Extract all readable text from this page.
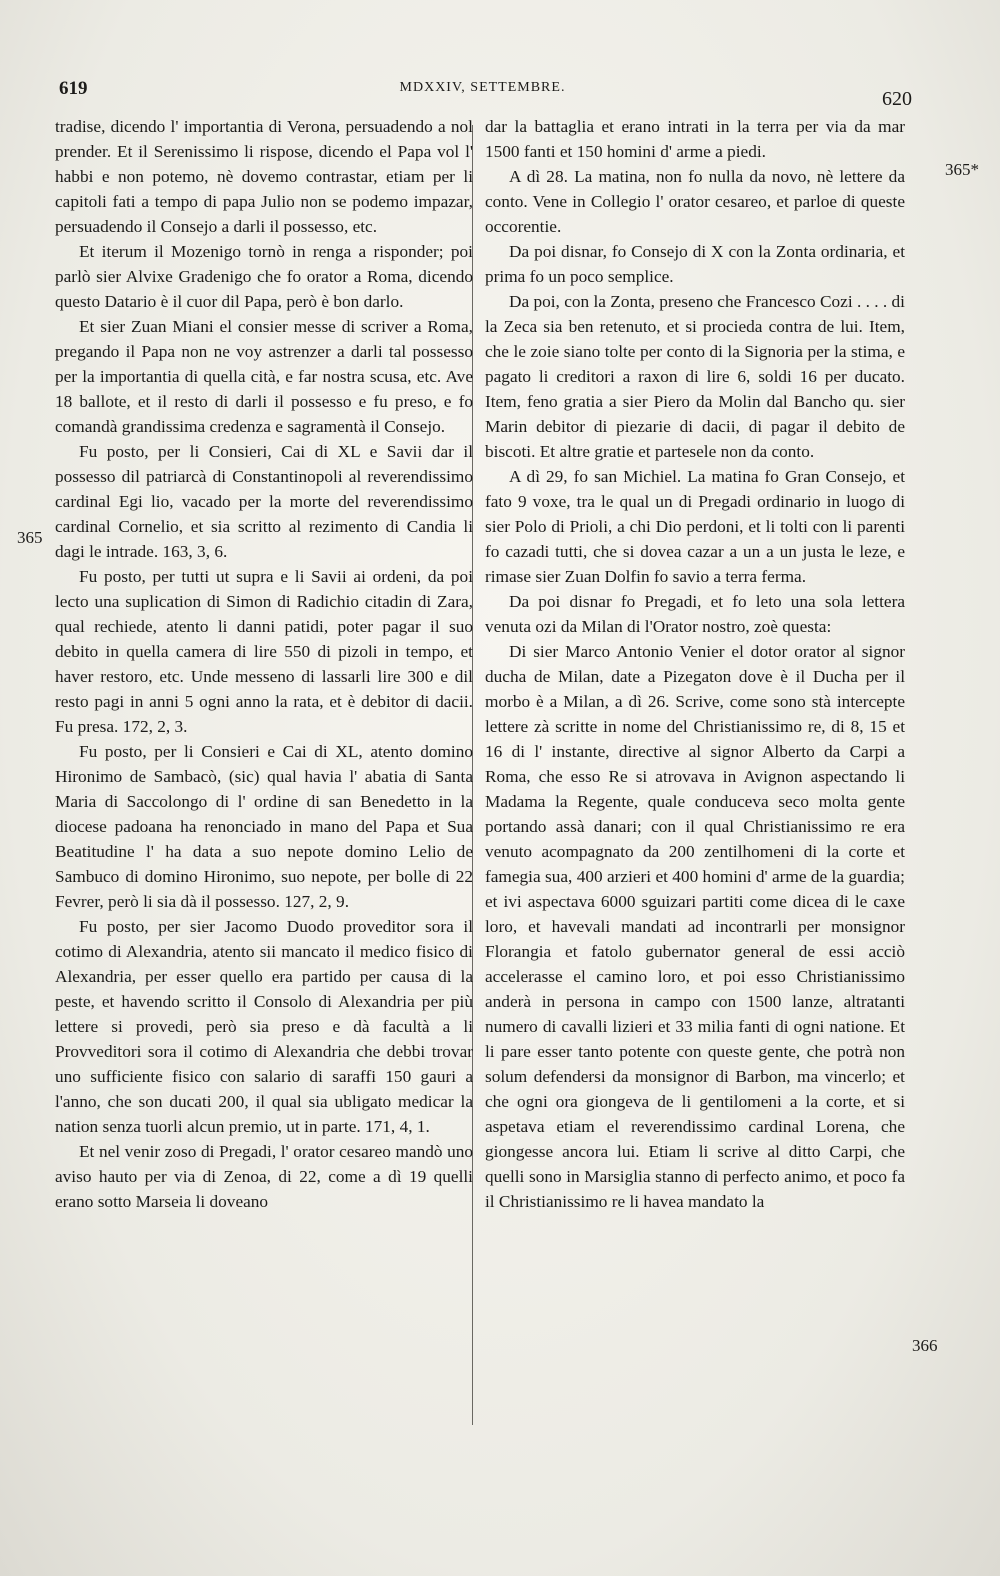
619	MDXXIV, SETTEMBRE.
620
365
365*
366

tradise, dicendo l' importantia di Verona, persuadendo a nol prender. Et il Serenissimo li rispose, dicendo el Papa vol l' habbi e non potemo, nè dovemo contrastar, etiam per li capitoli fati a tempo di papa Julio non se podemo impazar, persuadendo il Consejo a darli il possesso, etc.

Et iterum il Mozenigo tornò in renga a risponder; poi parlò sier Alvixe Gradenigo che fo orator a Roma, dicendo questo Datario è il cuor dil Papa, però è bon darlo.

Et sier Zuan Miani el consier messe di scriver a Roma, pregando il Papa non ne voy astrenzer a darli tal possesso per la importantia di quella cità, e far nostra scusa, etc. Ave 18 ballote, et il resto di darli il possesso e fu preso, e fo comandà grandissima credenza e sagramentà il Consejo.

Fu posto, per li Consieri, Cai di XL e Savii dar il possesso dil patriarcà di Constantinopoli al reverendissimo cardinal Egi lio, vacado per la morte del reverendissimo cardinal Cornelio, et sia scritto al rezimento di Candia li dagi le intrade. 163, 3, 6.

Fu posto, per tutti ut supra e li Savii ai ordeni, da poi lecto una suplication di Simon di Radichio citadin di Zara, qual rechiede, atento li danni patidi, poter pagar il suo debito in quella camera di lire 550 di pizoli in tempo, et haver restoro, etc. Unde messeno di lassarli lire 300 e dil resto pagi in anni 5 ogni anno la rata, et è debitor di dacii. Fu presa. 172, 2, 3.

Fu posto, per li Consieri e Cai di XL, atento domino Hironimo de Sambacò, (sic) qual havia l' abatia di Santa Maria di Saccolongo di l' ordine di san Benedetto in la diocese padoana ha renonciado in mano del Papa et Sua Beatitudine l' ha data a suo nepote domino Lelio de Sambuco di domino Hironimo, suo nepote, per bolle di 22 Fevrer, però li sia dà il possesso. 127, 2, 9.

Fu posto, per sier Jacomo Duodo proveditor sora il cotimo di Alexandria, atento sii mancato il medico fisico di Alexandria, per esser quello era partido per causa di la peste, et havendo scritto il Consolo di Alexandria per più lettere si provedi, però sia preso e dà facultà a li Provveditori sora il cotimo di Alexandria che debbi trovar uno sufficiente fisico con salario di saraffi 150 gauri a l'anno, che son ducati 200, il qual sia ubligato medicar la nation senza tuorli alcun premio, ut in parte. 171, 4, 1.

Et nel venir zoso di Pregadi, l' orator cesareo mandò uno aviso hauto per via di Zenoa, di 22, come a dì 19 quelli erano sotto Marseia li doveano

dar la battaglia et erano intrati in la terra per via da mar 1500 fanti et 150 homini d' arme a piedi.

A dì 28. La matina, non fo nulla da novo, nè lettere da conto. Vene in Collegio l' orator cesareo, et parloe di queste occorentie.

Da poi disnar, fo Consejo di X con la Zonta ordinaria, et prima fo un poco semplice.

Da poi, con la Zonta, preseno che Francesco Cozi . . . . di la Zeca sia ben retenuto, et si procieda contra de lui. Item, che le zoie siano tolte per conto di la Signoria per la stima, e pagato li creditori a raxon di lire 6, soldi 16 per ducato. Item, feno gratia a sier Piero da Molin dal Bancho qu. sier Marin debitor di piezarie di dacii, di pagar il debito de biscoti. Et altre gratie et partesele non da conto.

A dì 29, fo san Michiel. La matina fo Gran Consejo, et fato 9 voxe, tra le qual un di Pregadi ordinario in luogo di sier Polo di Prioli, a chi Dio perdoni, et li tolti con li parenti fo cazadi tutti, che si dovea cazar a un a un justa le leze, e rimase sier Zuan Dolfin fo savio a terra ferma.

Da poi disnar fo Pregadi, et fo leto una sola lettera venuta ozi da Milan di l'Orator nostro, zoè questa:

Di sier Marco Antonio Venier el dotor orator al signor ducha de Milan, date a Pizegaton dove è il Ducha per il morbo è a Milan, a dì 26. Scrive, come sono stà intercepte lettere zà scritte in nome del Christianissimo re, di 8, 15 et 16 di l' instante, directive al signor Alberto da Carpi a Roma, che esso Re si atrovava in Avignon aspectando li Madama la Regente, quale conduceva seco molta gente portando assà danari; con il qual Christianissimo re era venuto acompagnato da 200 zentilhomeni di la corte et famegia sua, 400 arzieri et 400 homini d' arme de la guardia; et ivi aspectava 6000 sguizari partiti come dicea di le caxe loro, et havevali mandati ad incontrarli per monsignor Florangia et fatolo gubernator general de essi acciò accelerasse el camino loro, et poi esso Christianissimo anderà in persona in campo con 1500 lanze, altratanti numero di cavalli lizieri et 33 milia fanti di ogni natione. Et li pare esser tanto potente con queste gente, che potrà non solum defendersi da monsignor di Barbon, ma vincerlo; et che ogni ora giongeva de li gentilomeni a la corte, et si aspetava etiam el reverendissimo cardinal Lorena, che giongesse ancora lui. Etiam li scrive al ditto Carpi, che quelli sono in Marsiglia stanno di perfecto animo, et poco fa il Christianissimo re li havea mandato la
